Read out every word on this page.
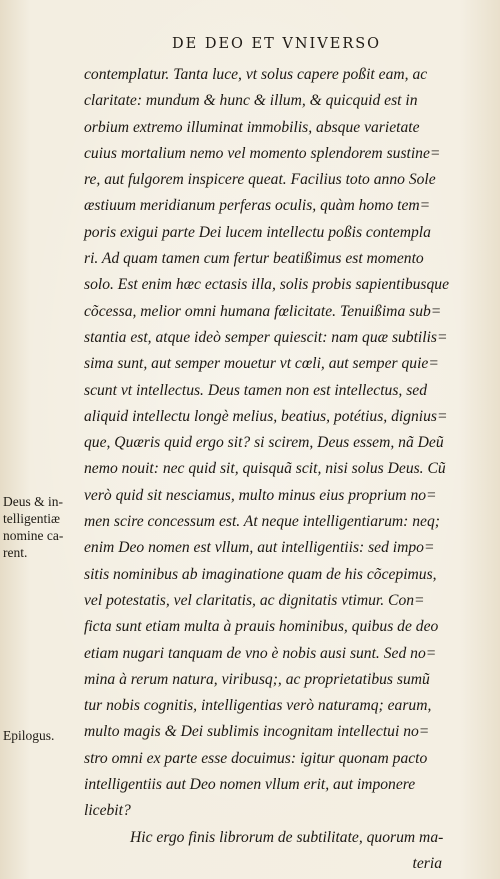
DE DEO ET VNIVERSO
contemplatur. Tanta luce, vt solus capere poßit eam, ac
claritate: mundum & hunc & illum, & quicquid est in
orbium extremo illuminat immobilis, absque varietate
cuius mortalium nemo vel momento splendorem sustine=
re, aut fulgorem inspicere queat. Facilius toto anno Sole
æstiuum meridianum perferas oculis, quàm homo tem=
poris exigui parte Dei lucem intellectu poßis contempla
ri. Ad quam tamen cum fertur beatißimus est momento
solo. Est enim hæc ectasis illa, solis probis sapientibusque
cõcessa, melior omni humana fœlicitate. Tenuißima sub=
stantia est, atque ideò semper quiescit: nam quæ subtilis=
sima sunt, aut semper mouetur vt cœli, aut semper quie=
scunt vt intellectus. Deus tamen non est intellectus, sed
aliquid intellectu longè melius, beatius, potétius, dignius=
que, Quæris quid ergo sit? si scirem, Deus essem, nã Deũ
nemo nouit: nec quid sit, quisquã scit, nisi solus Deus. Cũ
verò quid sit nesciamus, multo minus eius proprium no=
men scire concessum est. At neque intelligentiarum: neq;
enim Deo nomen est vllum, aut intelligentiis: sed impo=
sitis nominibus ab imaginatione quam de his cõcepimus,
vel potestatis, vel claritatis, ac dignitatis vtimur. Con=
ficta sunt etiam multa à prauis hominibus, quibus de deo
etiam nugari tanquam de vno è nobis ausi sunt. Sed no=
mina à rerum natura, viribusq;, ac proprietatibus sumũ
tur nobis cognitis, intelligentias verò naturamq; earum,
multo magis & Dei sublimis incognitam intellectui no=
stro omni ex parte esse docuimus: igitur quonam pacto
intelligentiis aut Deo nomen vllum erit, aut imponere
licebit?
Hic ergo finis librorum de subtilitate, quorum ma-
teria
Deus & in-
telligentiæ
nomine ca-
rent.
Epilogus.
